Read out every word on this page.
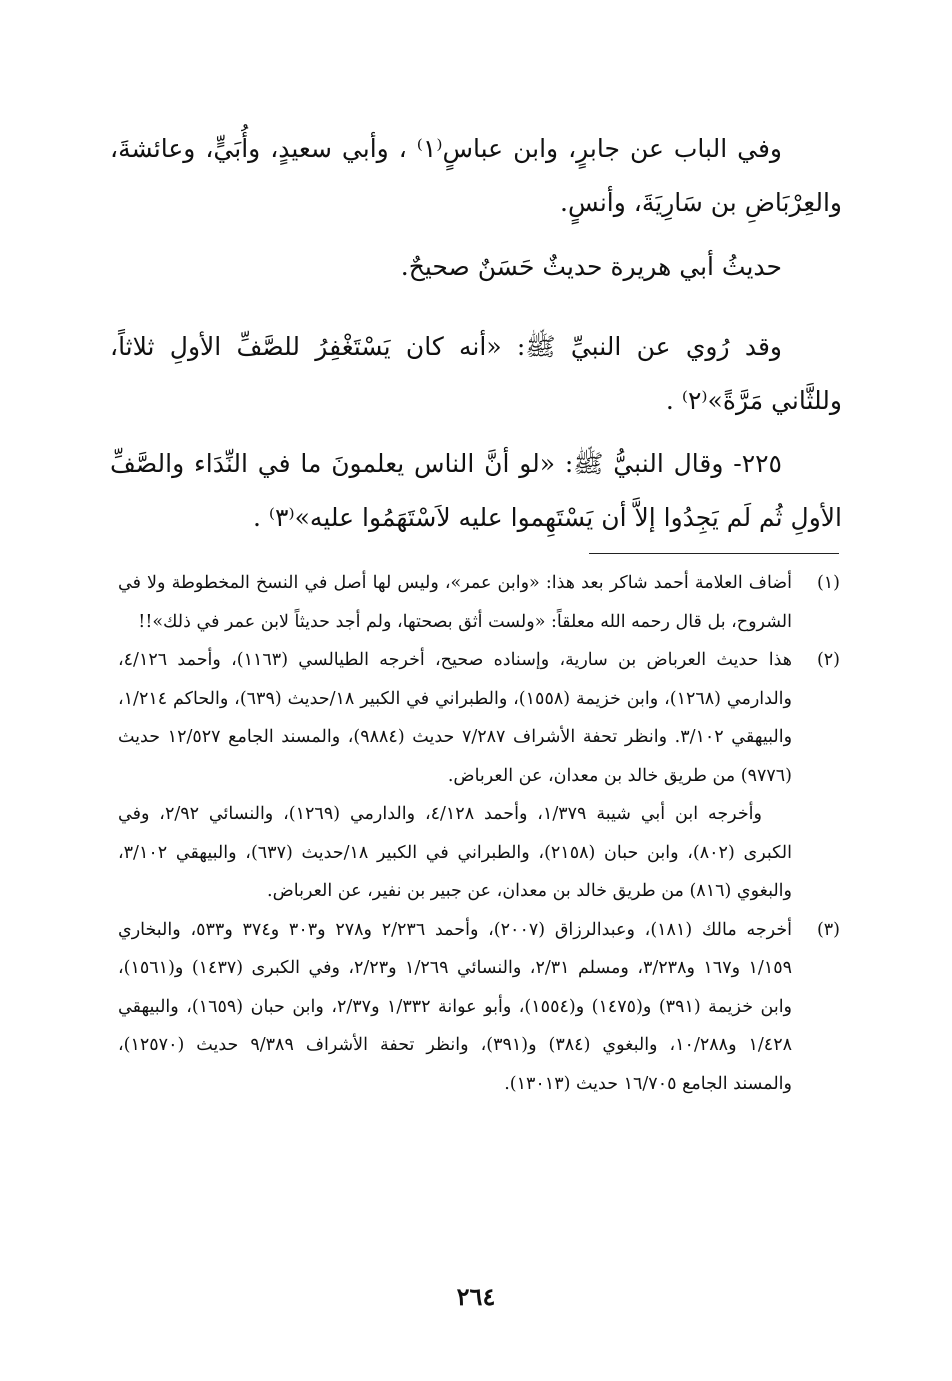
وفي الباب عن جابرٍ، وابن عباسٍ⁽١⁾ ، وأبي سعيدٍ، وأُبَيٍّ، وعائشةَ، والعِرْبَاضِ بن سَارِيَةَ، وأنسٍ.

حديثُ أبي هريرة حديثٌ حَسَنٌ صحيحٌ.

وقد رُوي عن النبيِّ ﷺ: «أنه كان يَسْتَغْفِرُ للصَّفِّ الأولِ ثلاثاً، وللثَّاني مَرَّةً»⁽٢⁾ .

٢٢٥- وقال النبيُّ ﷺ: «لو أنَّ الناس يعلمونَ ما في النِّدَاء والصَّفِّ الأولِ ثُم لَم يَجِدُوا إلاَّ أن يَسْتَهِموا عليه لاَسْتَهَمُوا عليه»⁽٣⁾ .

(١)
أضاف العلامة أحمد شاكر بعد هذا: «وابن عمر»، وليس لها أصل في النسخ المخطوطة ولا في الشروح، بل قال رحمه الله معلقاً: «ولست أثق بصحتها، ولم أجد حديثاً لابن عمر في ذلك»!!
(٢)
هذا حديث العرباض بن سارية، وإسناده صحيح، أخرجه الطيالسي (١١٦٣)، وأحمد ٤/١٢٦، والدارمي (١٢٦٨)، وابن خزيمة (١٥٥٨)، والطبراني في الكبير ١٨/حديث (٦٣٩)، والحاكم ١/٢١٤، والبيهقي ٣/١٠٢. وانظر تحفة الأشراف ٧/٢٨٧ حديث (٩٨٨٤)، والمسند الجامع ١٢/٥٢٧ حديث (٩٧٧٦) من طريق خالد بن معدان، عن العرباض.
وأخرجه ابن أبي شيبة ١/٣٧٩، وأحمد ٤/١٢٨، والدارمي (١٢٦٩)، والنسائي ٢/٩٢، وفي الكبرى (٨٠٢)، وابن حبان (٢١٥٨)، والطبراني في الكبير ١٨/حديث (٦٣٧)، والبيهقي ٣/١٠٢، والبغوي (٨١٦) من طريق خالد بن معدان، عن جبير بن نفير، عن العرباض.
(٣)
أخرجه مالك (١٨١)، وعبدالرزاق (٢٠٠٧)، وأحمد ٢/٢٣٦ و٢٧٨ و٣٠٣ و٣٧٤ و٥٣٣، والبخاري ١/١٥٩ و١٦٧ و٣/٢٣٨، ومسلم ٢/٣١، والنسائي ١/٢٦٩ و٢/٢٣، وفي الكبرى (١٤٣٧) و(١٥٦١)، وابن خزيمة (٣٩١) و(١٤٧٥) و(١٥٥٤)، وأبو عوانة ١/٣٣٢ و٢/٣٧، وابن حبان (١٦٥٩)، والبيهقي ١/٤٢٨ و١٠/٢٨٨، والبغوي (٣٨٤) و(٣٩١)، وانظر تحفة الأشراف ٩/٣٨٩ حديث (١٢٥٧٠)، والمسند الجامع ١٦/٧٠٥ حديث (١٣٠١٣).
٢٦٤
